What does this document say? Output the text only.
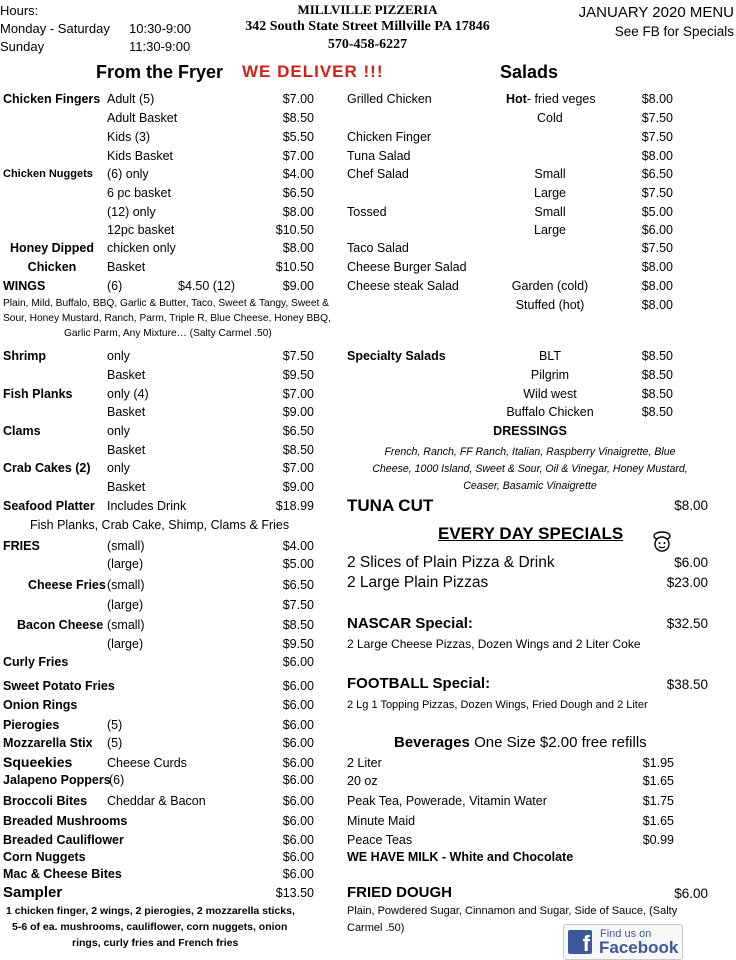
Hours:
Monday - Saturday 10:30-9:00
Sunday	11:30-9:00
MILLVILLE PIZZERIA
342 South State Street Millville PA 17846
570-458-6227
JANUARY 2020 MENU
See FB for Specials
From the Fryer WE DELIVER !!!	Salads
Chicken Fingers Adult (5)	$7.00
Adult Basket	$8.50
Kids (3)	$5.50
Kids Basket	$7.00
Chicken Nuggets (6) only	$4.00
6 pc basket	$6.50
(12) only	$8.00
12pc basket	$10.50
Honey Dipped
Chicken
chicken only	$8.00
Basket	$10.50
WINGS	(6)	$4.50 (12)	$9.00
Plain, Mild, Buffalo, BBQ, Garlic & Butter, Taco, Sweet & Tangy, Sweet &
Sour, Honey Mustard, Ranch, Parm, Triple R, Blue Cheese, Honey BBQ,
Garlic Parm, Any Mixture… (Salty Carmel .50)
Shrimp	only	$7.50
Basket	$9.50
Fish Planks	only (4)	$7.00
Basket	$9.00
Clams	only	$6.50
Basket	$8.50
Crab Cakes (2) only	$7.00
Basket	$9.00
Seafood Platter Includes Drink	$18.99
Fish Planks, Crab Cake, Shimp, Clams & Fries
FRIES	(small)	$4.00
(large)	$5.00
Cheese Fries (small)	$6.50
(large)	$7.50
Bacon Cheese (small)	$8.50
(large)	$9.50
Curly Fries	$6.00
Sweet Potato Fries	$6.00
Onion Rings	$6.00
Pierogies	(5)	$6.00
Mozzarella Stix (5)	$6.00
Squeekies	Cheese Curds	$6.00
Jalapeno Poppers
(6)	$6.00
Broccoli Bites Cheddar & Bacon	$6.00
Breaded Mushrooms	$6.00
Breaded Cauliflower	$6.00
Corn Nuggets	$6.00
Mac & Cheese Bites	$6.00
Sampler	$13.50
1 chicken finger, 2 wings, 2 pierogies, 2 mozzarella sticks,
5-6 of ea. mushrooms, cauliflower, corn nuggets, onion
rings, curly fries and French fries
Grilled Chicken	Hot- fried veges	$8.00
Cold	$7.50
Chicken Finger	$7.50
Tuna Salad	$8.00
Chef Salad	Small	$6.50
Large	$7.50
Tossed	Small	$5.00
Large	$6.00
Taco Salad	$7.50
Cheese Burger Salad	$8.00
Cheese steak Salad	Garden (cold)	$8.00
Stuffed (hot)	$8.00
Specialty Salads	BLT	$8.50
Pilgrim	$8.50
Wild west	$8.50
Buffalo Chicken	$8.50
DRESSINGS
French, Ranch, FF Ranch, Italian, Raspberry Vinaigrette, Blue
Cheese, 1000 Island, Sweet & Sour, Oil & Vinegar, Honey Mustard,
Ceaser, Basamic Vinaigrette
TUNA CUT	$8.00
EVERY DAY SPECIALS
2 Slices of Plain Pizza & Drink	$6.00
2 Large Plain Pizzas	$23.00
NASCAR Special:	$32.50
2 Large Cheese Pizzas, Dozen Wings and 2 Liter Coke
FOOTBALL Special:	$38.50
2 Lg 1 Topping Pizzas, Dozen Wings, Fried Dough and 2 Liter
Beverages One Size $2.00 free refills
2 Liter	$1.95
20 oz	$1.65
Peak Tea, Powerade, Vitamin Water	$1.75
Minute Maid	$1.65
Peace Teas	$0.99
WE HAVE MILK - White and Chocolate
FRIED DOUGH	$6.00
Plain, Powdered Sugar, Cinnamon and Sugar, Side of Sauce, (Salty
Carmel .50)
f Find us on
Facebook
